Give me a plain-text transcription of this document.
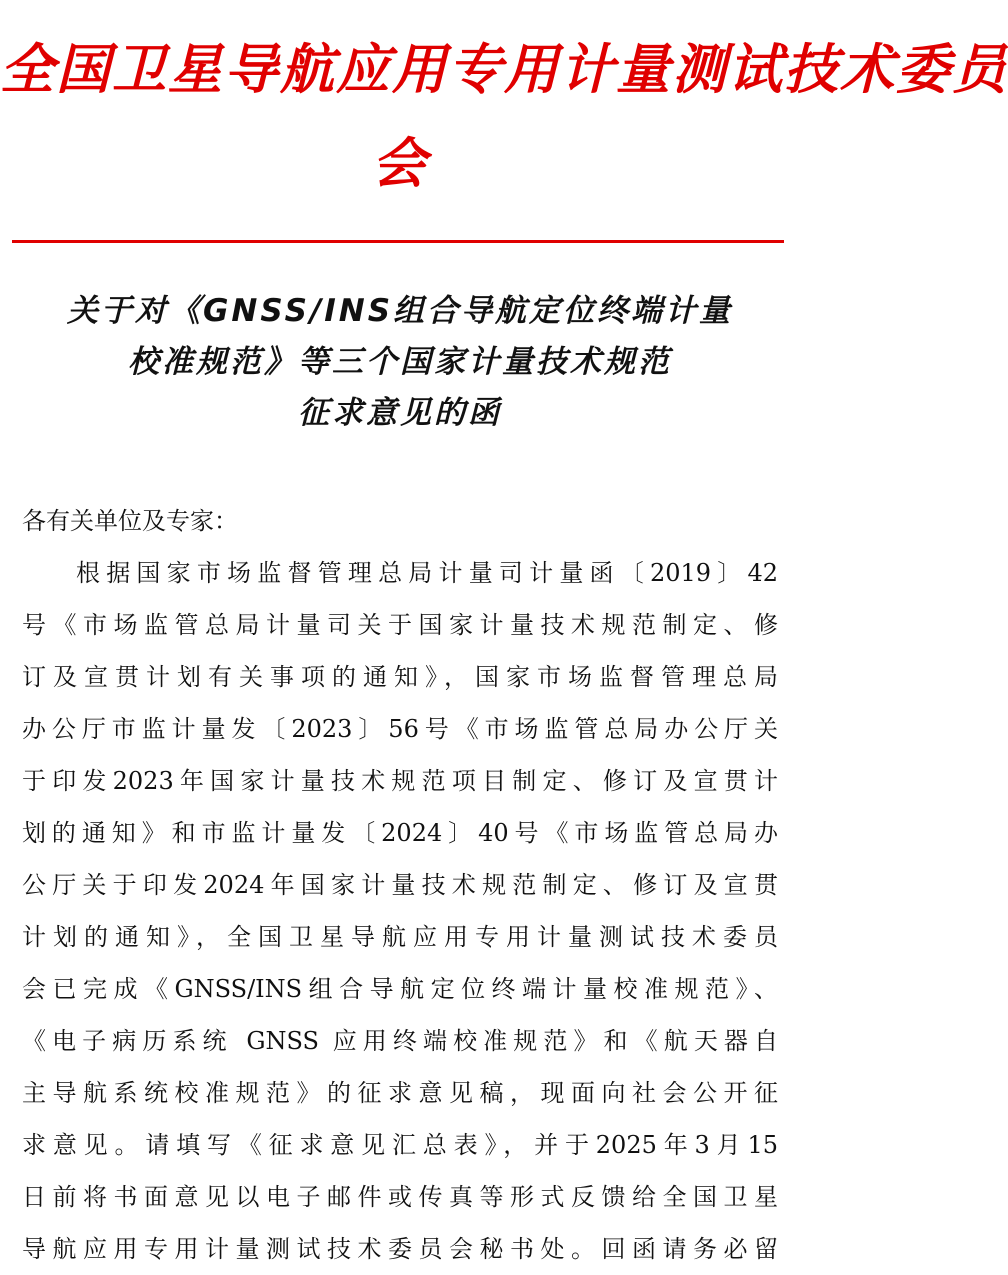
全国卫星导航应用专用计量测试技术委员
会
关于对《GNSS/INS组合导航定位终端计量
校准规范》等三个国家计量技术规范
征求意见的函
各有关单位及专家：
根据国家市场监督管理总局计量司计量函〔2019〕42
号《市场监管总局计量司关于国家计量技术规范制定、修
订及宣贯计划有关事项的通知》，国家市场监督管理总局
办公厅市监计量发〔2023〕56号《市场监管总局办公厅关
于印发2023年国家计量技术规范项目制定、修订及宣贯计
划的通知》和市监计量发〔2024〕40号《市场监管总局办
公厅关于印发2024年国家计量技术规范制定、修订及宣贯
计划的通知》，全国卫星导航应用专用计量测试技术委员
会已完成《GNSS/INS组合导航定位终端计量校准规范》、
《电子病历系统 GNSS 应用终端校准规范》和《航天器自
主导航系统校准规范》的征求意见稿，现面向社会公开征
求意见。请填写《征求意见汇总表》，并于2025年3月15
日前将书面意见以电子邮件或传真等形式反馈给全国卫星
导航应用专用计量测试技术委员会秘书处。回函请务必留
